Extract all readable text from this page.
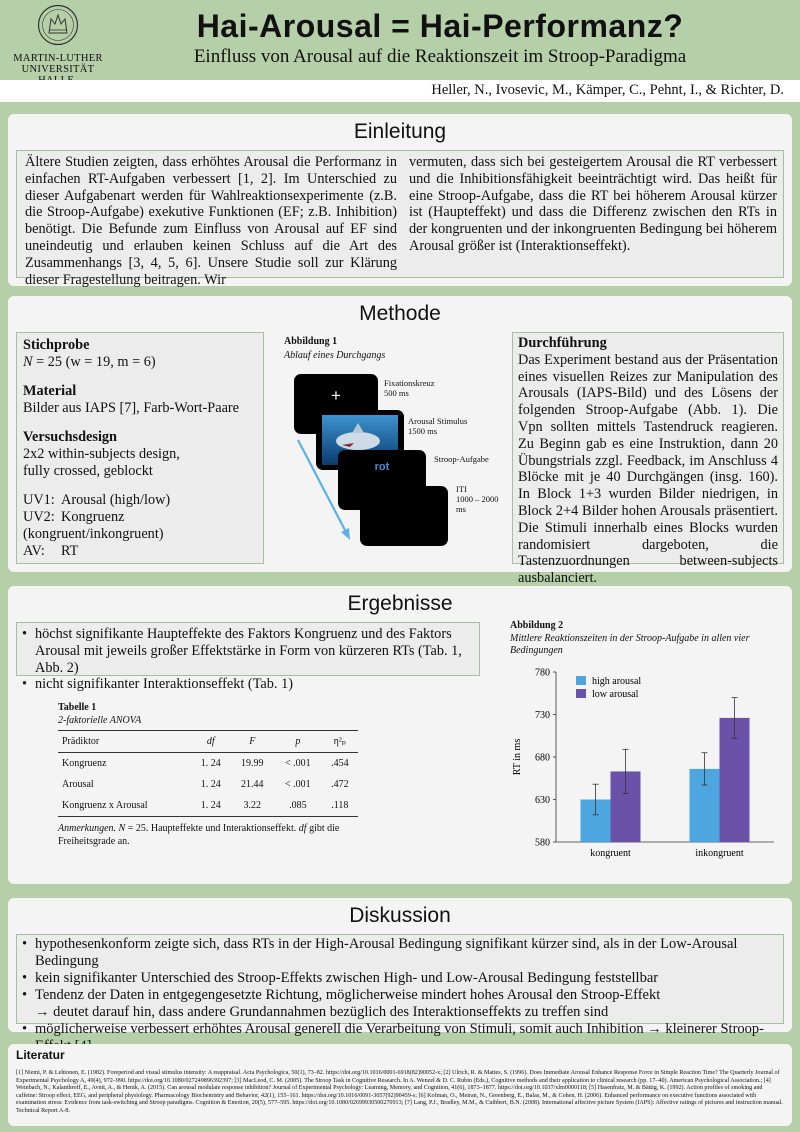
MARTIN-LUTHER
UNIVERSITÄT
Hai-Arousal = Hai-Performanz?
Einfluss von Arousal auf die Reaktionszeit im Stroop-Paradigma
Heller, N., Ivosevic, M., Kämper, C., Pehnt, I., & Richter, D.
Einleitung
Ältere Studien zeigten, dass erhöhtes Arousal die Performanz in einfachen RT-Aufgaben verbessert [1, 2]. Im Unterschied zu dieser Aufgabenart werden für Wahlreaktionsexperimente (z.B. die Stroop-Aufgabe) exekutive Funktionen (EF; z.B. Inhibition) benötigt. Die Befunde zum Einfluss von Arousal auf EF sind uneindeutig und erlauben keinen Schluss auf die Art des Zusammenhangs [3, 4, 5, 6]. Unsere Studie soll zur Klärung dieser Fragestellung beitragen. Wir
vermuten, dass sich bei gesteigertem Arousal die RT verbessert und die Inhibitionsfähigkeit beeinträchtigt wird. Das heißt für eine Stroop-Aufgabe, dass die RT bei höherem Arousal kürzer ist (Haupteffekt) und dass die Differenz zwischen den RTs in der kongruenten und der inkongruenten Bedingung bei höherem Arousal größer ist (Interaktionseffekt).
Methode
Stichprobe
N = 25 (w = 19, m = 6)
Material
Bilder aus IAPS [7], Farb-Wort-Paare
Versuchsdesign
2x2 within-subjects design,
fully crossed, geblockt
UV1: Arousal (high/low)
UV2: Kongruenz (kongruent/inkongruent)
AV: RT
Abbildung 1
Ablauf eines Durchgangs
+
Fixationskreuz
500 ms
Arousal Stimulus
1500 ms
rot
Stroop-Aufgabe
ITI
1000 – 2000 ms
Durchführung
Das Experiment bestand aus der Präsentation eines visuellen Reizes zur Manipulation des Arousals (IAPS-Bild) und des Lösens der folgenden Stroop-Aufgabe (Abb. 1). Die Vpn sollten mittels Tastendruck reagieren. Zu Beginn gab es eine Instruktion, dann 20 Übungstrials zzgl. Feedback, im Anschluss 4 Blöcke mit je 40 Durchgängen (insg. 160). In Block 1+3 wurden Bilder niedrigen, in Block 2+4 Bilder hohen Arousals präsentiert. Die Stimuli innerhalb eines Blocks wurden randomisiert dargeboten, die Tastenzuordnungen between-subjects ausbalanciert.
Ergebnisse
• höchst signifikante Haupteffekte des Faktors Kongruenz und des Faktors Arousal mit jeweils großer Effektstärke in Form von kürzeren RTs (Tab. 1, Abb. 2)
• nicht signifikanter Interaktionseffekt (Tab. 1)
Tabelle 1
2-faktorielle ANOVA
Prädiktor	df	F	p	η²ₚ
Kongruenz	1. 24	19.99	< .001	.454
Arousal	1. 24	21.44	< .001	.472
Kongruenz x Arousal	1. 24	3.22	.085	.118
Anmerkungen. N = 25. Haupteffekte und Interaktionseffekt. df gibt die Freiheitsgrade an.
Abbildung 2
Mittlere Reaktionszeiten in der Stroop-Aufgabe in allen vier Bedingungen
580
630
680
730
780
RT in ms
kongruent	inkongruent
high arousal
low arousal
Diskussion
• hypothesenkonform zeigte sich, dass RTs in der High-Arousal Bedingung signifikant kürzer sind, als in der Low-Arousal Bedingung
• kein signifikanter Unterschied des Stroop-Effekts zwischen High- und Low-Arousal Bedingung feststellbar
• Tendenz der Daten in entgegengesetzte Richtung, möglicherweise mindert hohes Arousal den Stroop-Effekt
→ deutet darauf hin, dass andere Grundannahmen bezüglich des Interaktionseffekts zu treffen sind
• möglicherweise verbessert erhöhtes Arousal generell die Verarbeitung von Stimuli, somit auch Inhibition → kleinerer Stroop-
Literatur
[1] Niemi, P. & Lehtonen, E. (1982). Foreperiod and visual stimulus intensity: A reappraisal. Acta Psychologica, 50(1), 73–82. https://doi.org/10.1016/0001-6918(82)90052-x; [2] Ulrich, R. & Mattes, S. (1996). Does Immediate Arousal Enhance Response Force in Simple Reaction Time? The Quarterly Journal of Experimental Psychology A, 49(4), 972–990. https://doi.org/10.1080/027249896392397; [3] MacLeod, C. M. (2005). The Stroop Task in Cognitive Research. In A. Wenzel & D. C. Rubin (Eds.), Cognitive methods and their application to clinical research (pp. 17–40). American Psychological Association.; [4] Weinbach, N., Kalanthroff, E., Avnit, A., & Henik, A. (2015). Can arousal modulate response inhibition? Journal of Experimental Psychology: Learning, Memory, and Cognition, 41(6), 1873–1877. https://doi.org/10.1037/xlm0000118; [5] Hasenfratz, M. & Bättig, K. (1992). Action profiles of smoking and caffeine: Stroop effect, EEG, and peripheral physiology. Pharmacology Biochemistry and Behavior, 42(1), 155–161. https://doi.org/10.1016/0091-3057(92)90459-s; [6] Kofman, O., Meiran, N., Greenberg, E., Balas, M., & Cohen, H. (2006). Enhanced performance on executive functions associated with examination stress: Evidence from task-switching and Stroop paradigms. Cognition & Emotion, 20(5), 577–595. https://doi.org/10.1080/02699930500270913; [7] Lang, P.J., Bradley, M.M., & Cuthbert, B.N. (2008). International affective picture System (IAPS): Affective ratings of pictures and instruction manual. Technical Report A-8.
